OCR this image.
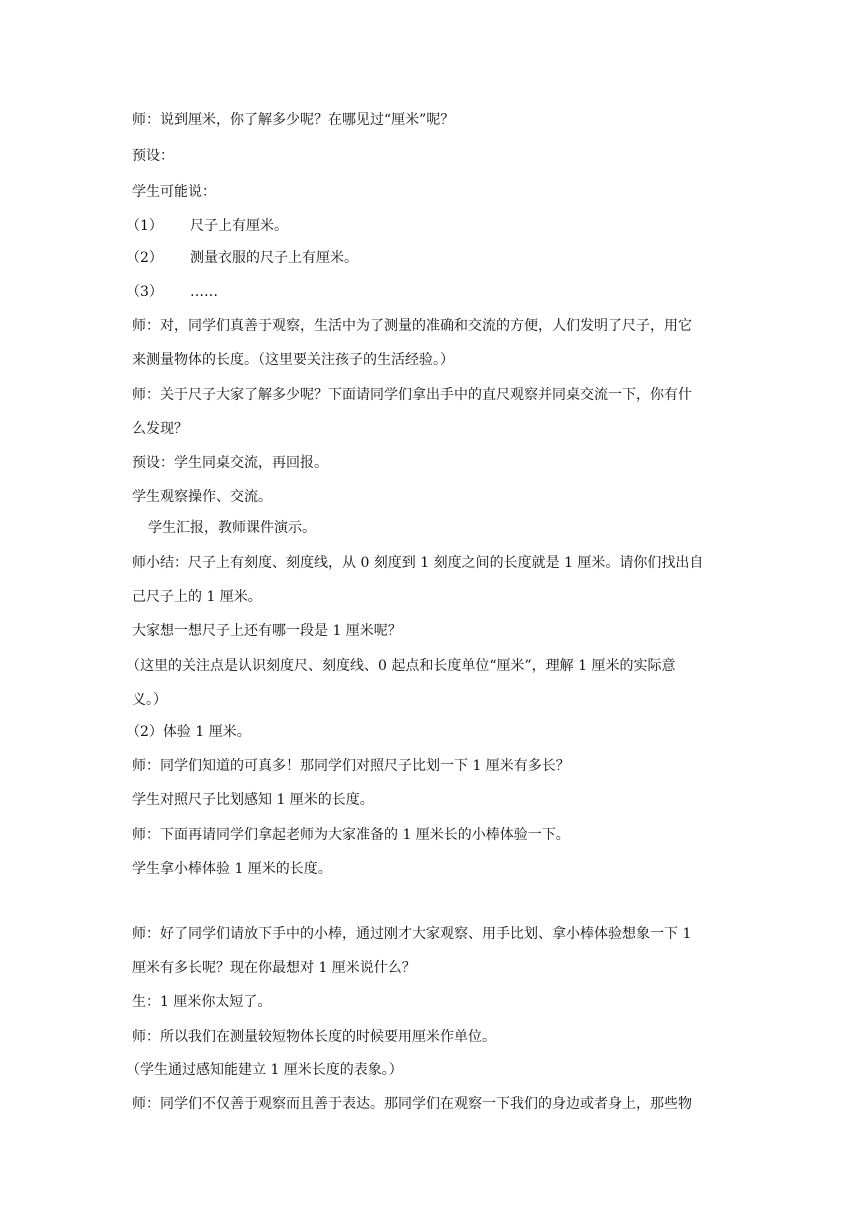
师：说到厘米，你了解多少呢？在哪见过“厘米”呢？
预设：
学生可能说：
（1） 尺子上有厘米。
（2） 测量衣服的尺子上有厘米。
（3） ……
师：对，同学们真善于观察，生活中为了测量的准确和交流的方便，人们发明了尺子，用它
来测量物体的长度。（这里要关注孩子的生活经验。）
师：关于尺子大家了解多少呢？下面请同学们拿出手中的直尺观察并同桌交流一下，你有什
么发现？
预设：学生同桌交流，再回报。
学生观察操作、交流。
学生汇报，教师课件演示。
师小结：尺子上有刻度、刻度线，从 0 刻度到 1 刻度之间的长度就是 1 厘米。请你们找出自
己尺子上的 1 厘米。
大家想一想尺子上还有哪一段是 1 厘米呢？
（这里的关注点是认识刻度尺、刻度线、0 起点和长度单位“厘米”，理解 1 厘米的实际意
义。）
（2）体验 1 厘米。
师：同学们知道的可真多！那同学们对照尺子比划一下 1 厘米有多长？
学生对照尺子比划感知 1 厘米的长度。
师：下面再请同学们拿起老师为大家准备的 1 厘米长的小棒体验一下。
学生拿小棒体验 1 厘米的长度。
师：好了同学们请放下手中的小棒，通过刚才大家观察、用手比划、拿小棒体验想象一下 1
厘米有多长呢？现在你最想对 1 厘米说什么？
生：1 厘米你太短了。
师：所以我们在测量较短物体长度的时候要用厘米作单位。
（学生通过感知能建立 1 厘米长度的表象。）
师：同学们不仅善于观察而且善于表达。那同学们在观察一下我们的身边或者身上，那些物
